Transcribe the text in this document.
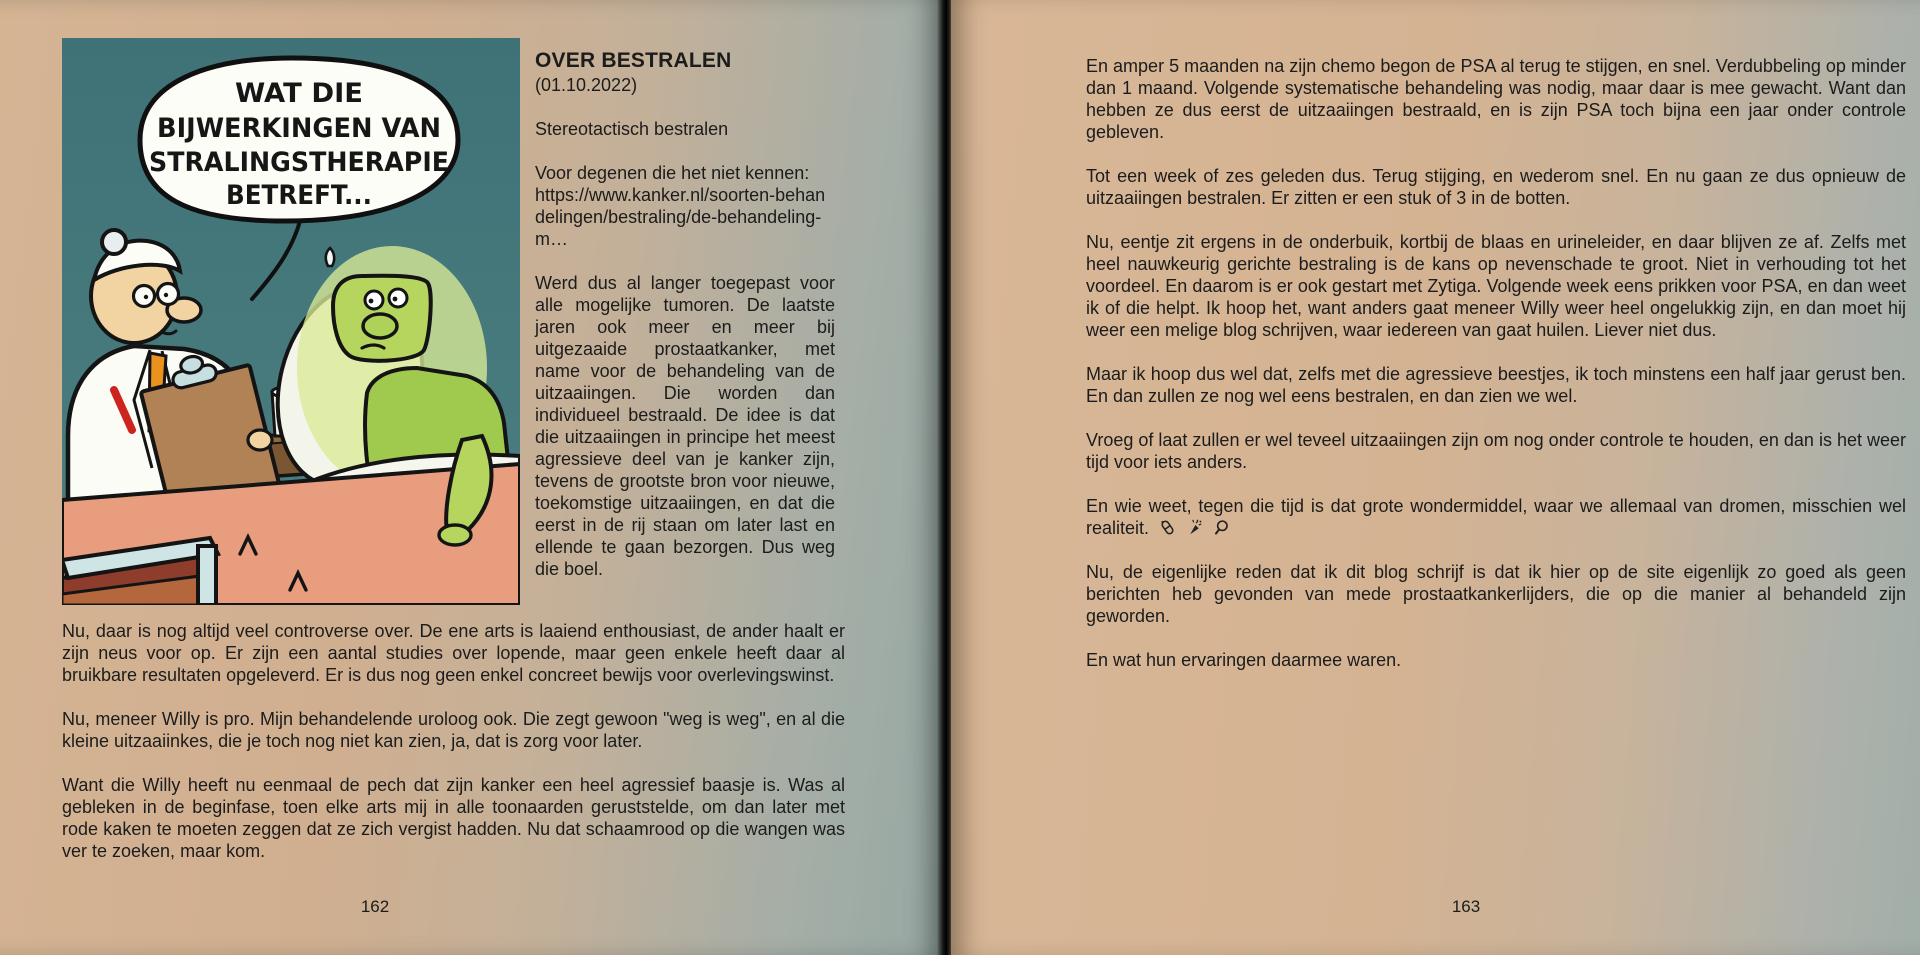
WAT DIE
BIJWERKINGEN VAN
STRALINGSTHERAPIE
BETREFT...
OVER BESTRALEN
(01.10.2022)

Stereotactisch bestralen

Voor degenen die het niet kennen:
https://www.kanker.nl/soorten-behandelingen/bestraling/de-behandeling-m…

Werd dus al langer toegepast voor alle mogelijke tumoren. De laatste jaren ook meer en meer bij uitgezaaide prostaatkanker, met name voor de behandeling van de uitzaaiingen. Die worden dan individueel bestraald. De idee is dat die uitzaaiingen in principe het meest agressieve deel van je kanker zijn, tevens de grootste bron voor nieuwe, toekomstige uitzaaiingen, en dat die eerst in de rij staan om later last en ellende te gaan bezorgen. Dus weg die boel.

Nu, daar is nog altijd veel controverse over. De ene arts is laaiend enthousiast, de ander haalt er zijn neus voor op. Er zijn een aantal studies over lopende, maar geen enkele heeft daar al bruikbare resultaten opgeleverd. Er is dus nog geen enkel concreet bewijs voor overlevingswinst.

Nu, meneer Willy is pro. Mijn behandelende uroloog ook. Die zegt gewoon "weg is weg", en al die kleine uitzaaiinkes, die je toch nog niet kan zien, ja, dat is zorg voor later.

Want die Willy heeft nu eenmaal de pech dat zijn kanker een heel agressief baasje is. Was al gebleken in de beginfase, toen elke arts mij in alle toonaarden geruststelde, om dan later met rode kaken te moeten zeggen dat ze zich vergist hadden. Nu dat schaamrood op die wangen was ver te zoeken, maar kom.

162

En amper 5 maanden na zijn chemo begon de PSA al terug te stijgen, en snel. Verdubbeling op minder dan 1 maand. Volgende systematische behandeling was nodig, maar daar is mee gewacht. Want dan hebben ze dus eerst de uitzaaiingen bestraald, en is zijn PSA toch bijna een jaar onder controle gebleven.

Tot een week of zes geleden dus. Terug stijging, en wederom snel. En nu gaan ze dus opnieuw de uitzaaiingen bestralen. Er zitten er een stuk of 3 in de botten.

Nu, eentje zit ergens in de onderbuik, kortbij de blaas en urineleider, en daar blijven ze af. Zelfs met heel nauwkeurig gerichte bestraling is de kans op nevenschade te groot. Niet in verhouding tot het voordeel. En daarom is er ook gestart met Zytiga. Volgende week eens prikken voor PSA, en dan weet ik of die helpt. Ik hoop het, want anders gaat meneer Willy weer heel ongelukkig zijn, en dan moet hij weer een melige blog schrijven, waar iedereen van gaat huilen. Liever niet dus.

Maar ik hoop dus wel dat, zelfs met die agressieve beestjes, ik toch minstens een half jaar gerust ben. En dan zullen ze nog wel eens bestralen, en dan zien we wel.

Vroeg of laat zullen er wel teveel uitzaaiingen zijn om nog onder controle te houden, en dan is het weer tijd voor iets anders.

En wie weet, tegen die tijd is dat grote wondermiddel, waar we allemaal van dromen, misschien wel realiteit.

Nu, de eigenlijke reden dat ik dit blog schrijf is dat ik hier op de site eigenlijk zo goed als geen berichten heb gevonden van mede prostaatkankerlijders, die op die manier al behandeld zijn geworden.

En wat hun ervaringen daarmee waren.

163
